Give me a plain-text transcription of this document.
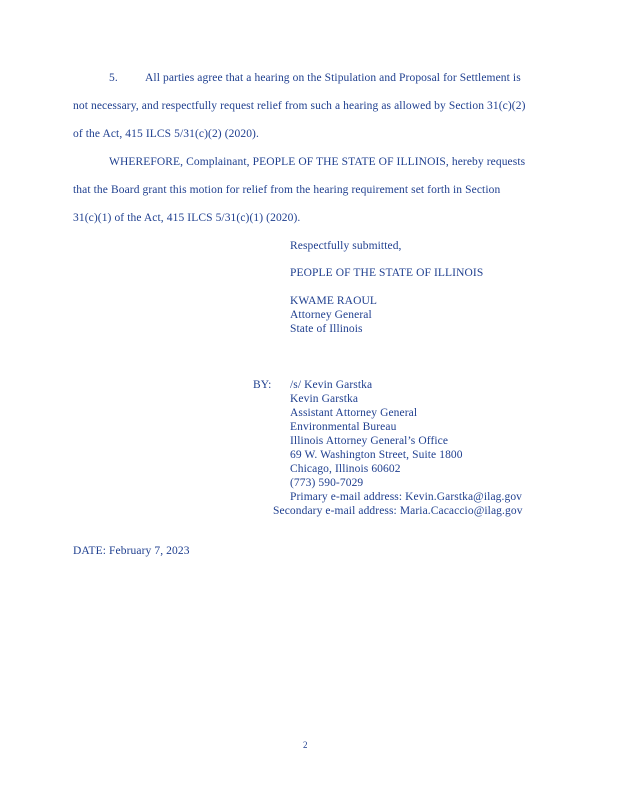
5. All parties agree that a hearing on the Stipulation and Proposal for Settlement is
not necessary, and respectfully request relief from such a hearing as allowed by Section 31(c)(2)
of the Act, 415 ILCS 5/31(c)(2) (2020).
WHEREFORE, Complainant, PEOPLE OF THE STATE OF ILLINOIS, hereby requests
that the Board grant this motion for relief from the hearing requirement set forth in Section
31(c)(1) of the Act, 415 ILCS 5/31(c)(1) (2020).
Respectfully submitted,
PEOPLE OF THE STATE OF ILLINOIS
KWAME RAOUL
Attorney General
State of Illinois
BY: /s/ Kevin Garstka
Kevin Garstka
Assistant Attorney General
Environmental Bureau
Illinois Attorney General’s Office
69 W. Washington Street, Suite 1800
Chicago, Illinois 60602
(773) 590-7029
Primary e-mail address: Kevin.Garstka@ilag.gov
Secondary e-mail address: Maria.Cacaccio@ilag.gov
DATE: February 7, 2023
2
